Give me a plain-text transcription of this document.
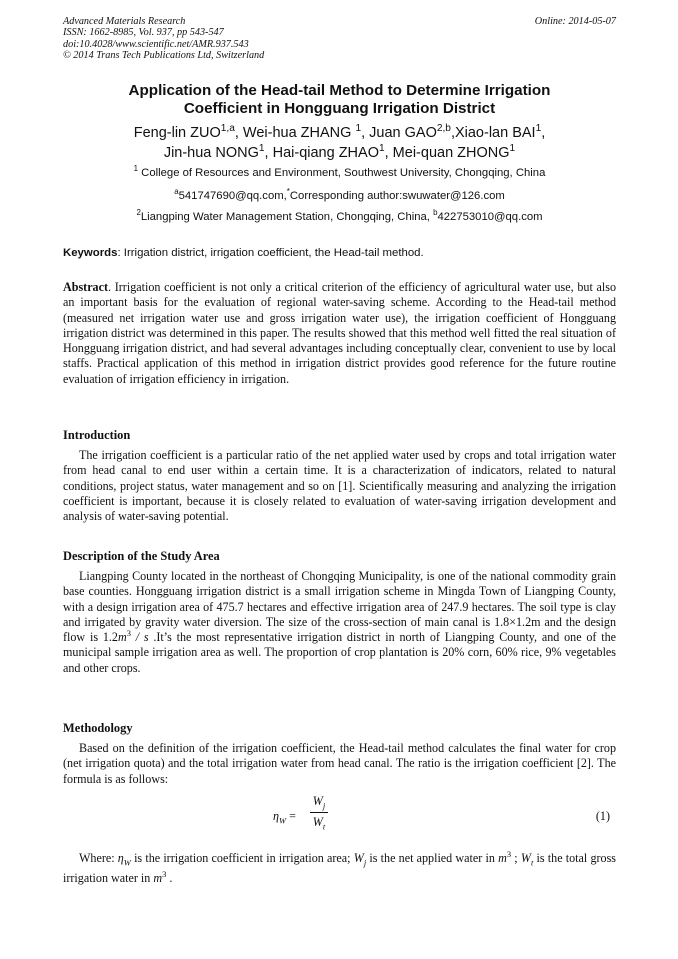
Advanced Materials Research
ISSN: 1662-8985, Vol. 937, pp 543-547
doi:10.4028/www.scientific.net/AMR.937.543
© 2014 Trans Tech Publications Ltd, Switzerland
Online: 2014-05-07
Application of the Head-tail Method to Determine Irrigation
Coefficient in Hongguang Irrigation District
Feng-lin ZUO$^{1,a}$, Wei-hua ZHANG $^1$, Juan GAO$^{2,b}$,Xiao-lan BAI$^1$,
Jin-hua NONG$^1$, Hai-qiang ZHAO$^1$, Mei-quan ZHONG$^1$
$^1$ College of Resources and Environment, Southwest University, Chongqing, China
$^a$541747690@qq.com,*Corresponding author:swuwater@126.com
$^2$Liangping Water Management Station, Chongqing, China, $^b$422753010@qq.com
Keywords: Irrigation district, irrigation coefficient, the Head-tail method.
Abstract. Irrigation coefficient is not only a critical criterion of the efficiency of agricultural water use, but also an important basis for the evaluation of regional water-saving scheme. According to the Head-tail method (measured net irrigation water use and gross irrigation water use), the irrigation coefficient of Hongguang irrigation district was determined in this paper. The results showed that this method well fitted the real situation of Hongguang irrigation district, and had several advantages including conceptually clear, convenient to use by local staffs. Practical application of this method in irrigation district provides good reference for the future routine evaluation of irrigation efficiency in irrigation.
Introduction
The irrigation coefficient is a particular ratio of the net applied water used by crops and total irrigation water from head canal to end user within a certain time. It is a characterization of indicators, related to natural conditions, project status, water management and so on [1]. Scientifically measuring and analyzing the irrigation coefficient is important, because it is closely related to evaluation of water-saving irrigation development and analysis of water-saving potential.
Description of the Study Area
Liangping County located in the northeast of Chongqing Municipality, is one of the national commodity grain base counties. Hongguang irrigation district is a small irrigation scheme in Mingda Town of Liangping County, with a design irrigation area of 475.7 hectares and effective irrigation area of 247.9 hectares. The soil type is clay and irrigated by gravity water diversion. The size of the cross-section of main canal is 1.8×1.2m and the design flow is $1.2m^3$ / s .It’s the most representative irrigation district in north of Liangping County, and one of the municipal sample irrigation area as well. The proportion of crop plantation is 20% corn, 60% rice, 9% vegetables and other crops.
Methodology
Based on the definition of the irrigation coefficient, the Head-tail method calculates the final water for crop (net irrigation quota) and the total irrigation water from head canal. The ratio is the irrigation coefficient [2]. The formula is as follows:
$\eta_W$ =
$W_j$
$W_t$
(1)
Where: $\eta_W$ is the irrigation coefficient in irrigation area; $W_j$ is the net applied water in $m^3$ ; $W_t$ is the total gross irrigation water in $m^3$ .
